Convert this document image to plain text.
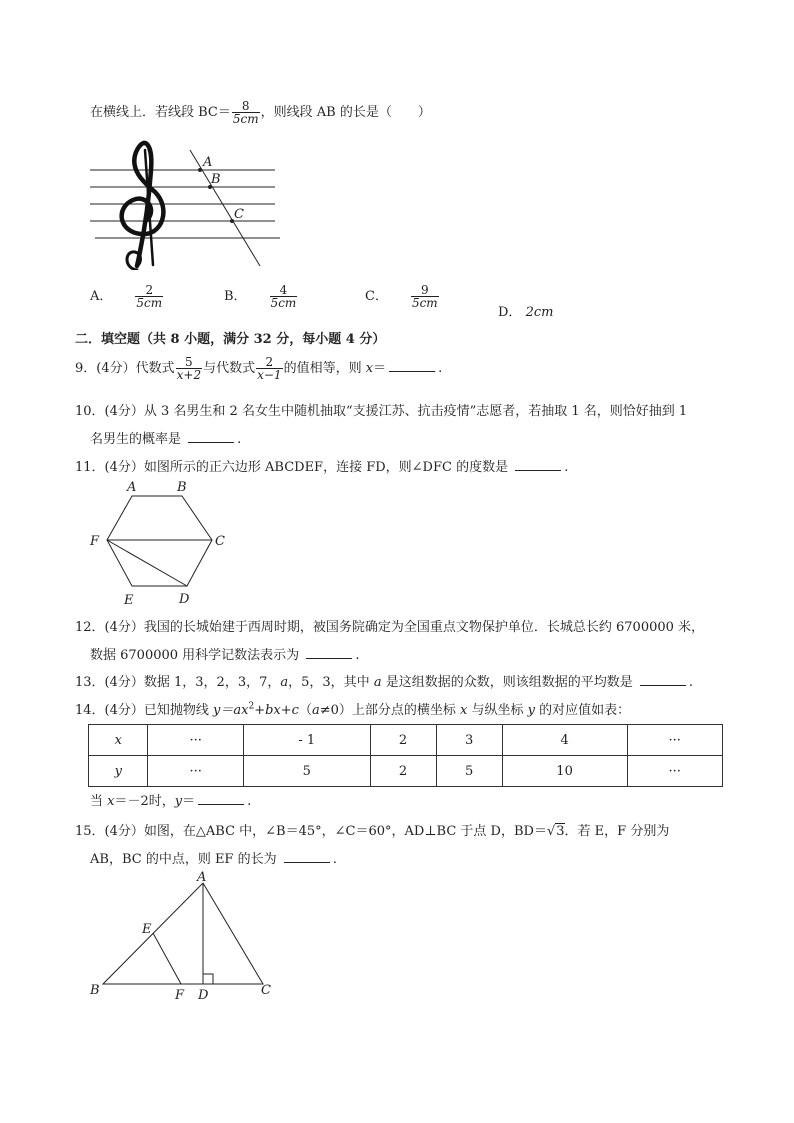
在横线上．若线段 $BC= \frac{8}{5cm}$ ，则线段 AB 的长是（　　）
A
B
C
A． $\frac{2}{5cm}$	B． $\frac{4}{5cm}$	C． $\frac{9}{5cm}$
D． 2cm
二．填空题（共 8 小题，满分 32 分，每小题 4 分）
9．(4分）代数式 $\frac{5}{x+2}$ 与代数式 $\frac{2}{x-1}$ 的值相等，则 x＝	.
10．(4分）从 3 名男生和 2 名女生中随机抽取“支援江苏、抗击疫情”志愿者，若抽取 1 名，则恰好抽到 1
名男生的概率是	.
11．(4分）如图所示的正六边形 ABCDEF，连接 FD，则∠DFC 的度数是	.
A	B
C
D
E
F
12．(4分）我国的长城始建于西周时期，被国务院确定为全国重点文物保护单位．长城总长约 6700000 米，
数据 6700000 用科学记数法表示为	.
13．(4分）数据 1，3，2，3，7，a，5，3，其中 a 是这组数据的众数，则该组数据的平均数是	.
14．(4分）已知抛物线 $y=ax^2+bx+c(a\ne 0)$上部分点的横坐标 x 与纵坐标 y 的对应值如表：
x	···	- 1	2	3	4	···
y	···	5	2	5	10	···
当 x＝－2时，y＝	.
15．(4分）如图，在△ABC 中，∠B＝45°，∠C＝60°，AD⊥BC 于点 D，BD＝√3．若 E，F 分别为
AB，BC 的中点，则 EF 的长为	.
A
B	C
D
E
F
